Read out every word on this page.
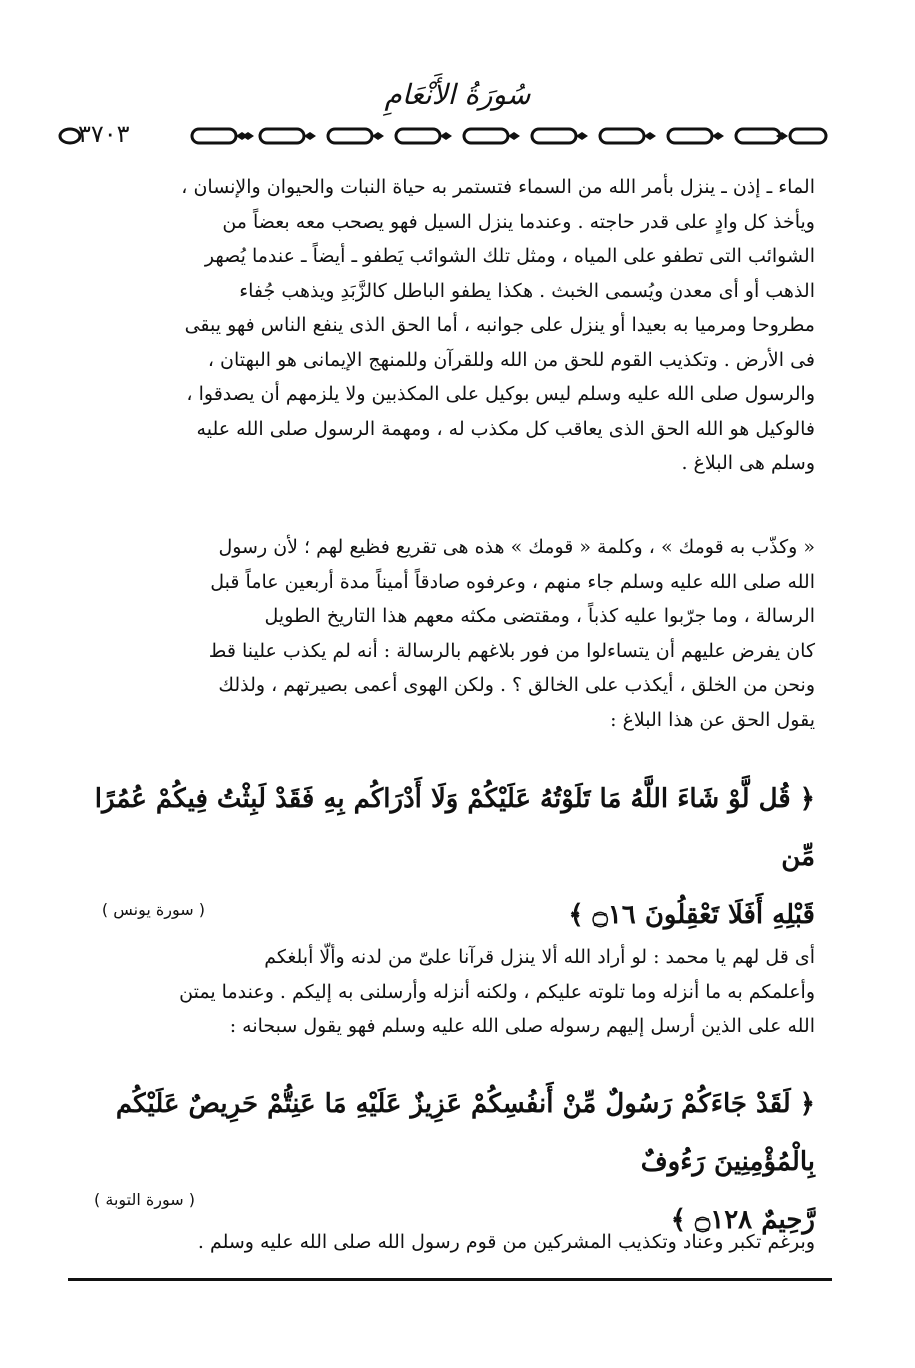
سُورَةُ الأَنْعَامِ
٣٧٠٣
الماء ـ إذن ـ ينزل بأمر الله من السماء فتستمر به حياة النبات والحيوان والإنسان ،
ويأخذ كل وادٍ على قدر حاجته . وعندما ينزل السيل فهو يصحب معه بعضاً من
الشوائب التى تطفو على المياه ، ومثل تلك الشوائب يَطفو ـ أيضاً ـ عندما يُصهر
الذهب أو أى معدن ويُسمى الخبث . هكذا يطفو الباطل كالزَّبَدِ ويذهب جُفاء
مطروحا ومرميا به بعيدا أو ينزل على جوانبه ، أما الحق الذى ينفع الناس فهو يبقى
فى الأرض . وتكذيب القوم للحق من الله وللقرآن وللمنهج الإيمانى هو البهتان ،
والرسول صلى الله عليه وسلم ليس بوكيل على المكذبين ولا يلزمهم أن يصدقوا ،
فالوكيل هو الله الحق الذى يعاقب كل مكذب له ، ومهمة الرسول صلى الله عليه
وسلم هى البلاغ .
« وكذّب به قومك » ، وكلمة « قومك » هذه هى تقريع فظيع لهم ؛ لأن رسول
الله صلى الله عليه وسلم جاء منهم ، وعرفوه صادقاً أميناً مدة أربعين عاماً قبل
الرسالة ، وما جرّبوا عليه كذباً ، ومقتضى مكثه معهم هذا التاريخ الطويل
كان يفرض عليهم أن يتساءلوا من فور بلاغهم بالرسالة : أنه لم يكذب علينا قط
ونحن من الخلق ، أيكذب على الخالق ؟ . ولكن الهوى أعمى بصيرتهم ، ولذلك
يقول الحق عن هذا البلاغ :
﴿ قُل لَّوْ شَاءَ اللَّهُ مَا تَلَوْتُهُ عَلَيْكُمْ وَلَا أَدْرَاكُم بِهِ فَقَدْ لَبِثْتُ فِيكُمْ عُمُرًا مِّن
قَبْلِهِ أَفَلَا تَعْقِلُونَ ۝١٦ ﴾
( سورة يونس )
أى قل لهم يا محمد : لو أراد الله ألا ينزل قرآنا علىّ من لدنه وألّا أبلغكم
وأعلمكم به ما أنزله وما تلوته عليكم ، ولكنه أنزله وأرسلنى به إليكم . وعندما يمتن
الله على الذين أرسل إليهم رسوله صلى الله عليه وسلم فهو يقول سبحانه :
﴿ لَقَدْ جَاءَكُمْ رَسُولٌ مِّنْ أَنفُسِكُمْ عَزِيزٌ عَلَيْهِ مَا عَنِتُّمْ حَرِيصٌ عَلَيْكُم بِالْمُؤْمِنِينَ رَءُوفٌ
رَّحِيمٌ ۝١٢٨ ﴾
( سورة التوبة )
وبرغم تكبر وعناد وتكذيب المشركين من قوم رسول الله صلى الله عليه وسلم .
